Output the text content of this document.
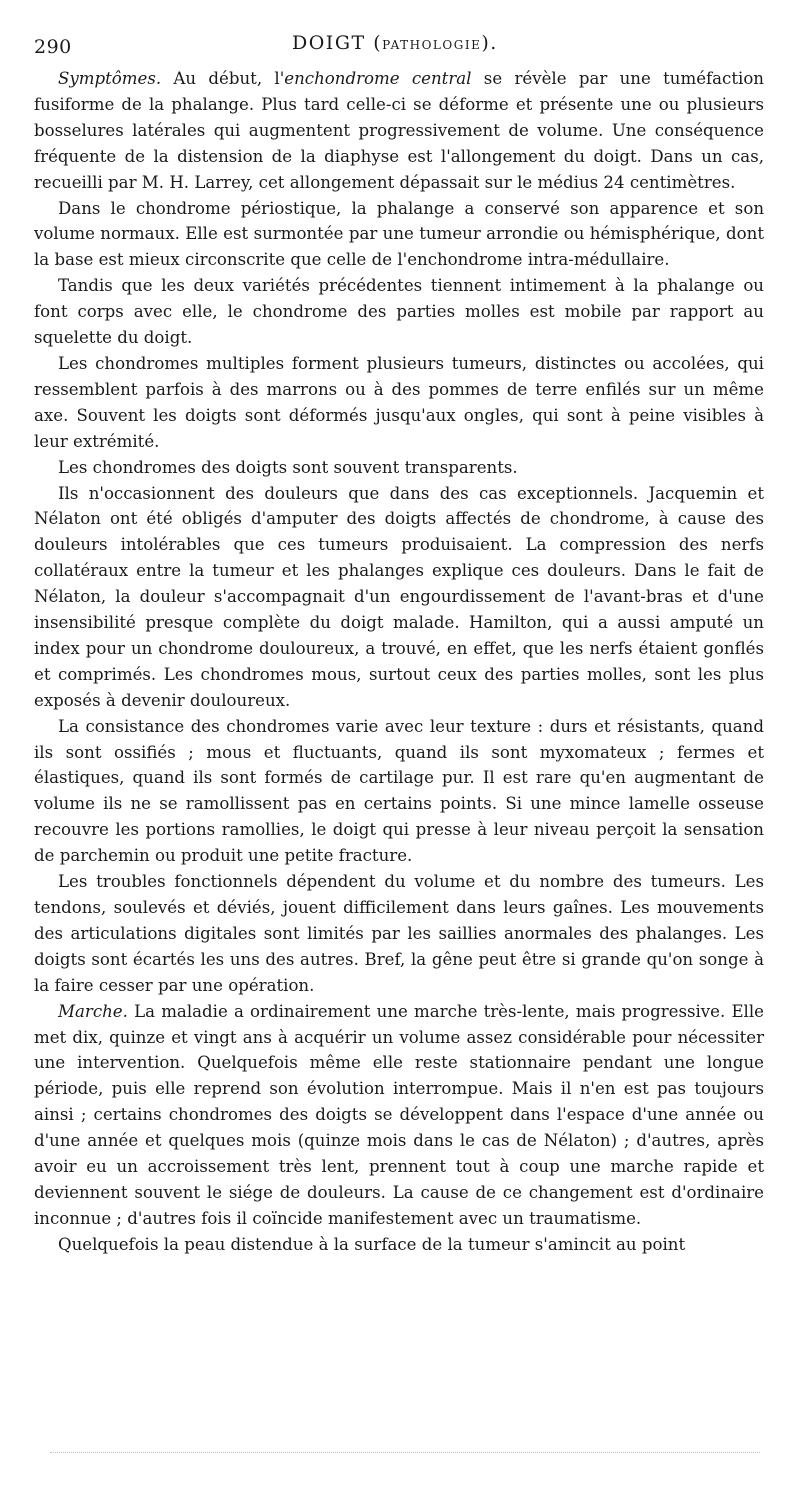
290	DOIGT (PATHOLOGIE).

Symptômes. Au début, l'enchondrome central se révèle par une tuméfaction fusiforme de la phalange. Plus tard celle-ci se déforme et présente une ou plusieurs bosselures latérales qui augmentent progressivement de volume. Une conséquence fréquente de la distension de la diaphyse est l'allongement du doigt. Dans un cas, recueilli par M. H. Larrey, cet allongement dépassait sur le médius 24 centimètres.

Dans le chondrome périostique, la phalange a conservé son apparence et son volume normaux. Elle est surmontée par une tumeur arrondie ou hémisphérique, dont la base est mieux circonscrite que celle de l'enchondrome intra-médullaire.

Tandis que les deux variétés précédentes tiennent intimement à la phalange ou font corps avec elle, le chondrome des parties molles est mobile par rapport au squelette du doigt.

Les chondromes multiples forment plusieurs tumeurs, distinctes ou accolées, qui ressemblent parfois à des marrons ou à des pommes de terre enfilés sur un même axe. Souvent les doigts sont déformés jusqu'aux ongles, qui sont à peine visibles à leur extrémité.

Les chondromes des doigts sont souvent transparents.

Ils n'occasionnent des douleurs que dans des cas exceptionnels. Jacquemin et Nélaton ont été obligés d'amputer des doigts affectés de chondrome, à cause des douleurs intolérables que ces tumeurs produisaient. La compression des nerfs collatéraux entre la tumeur et les phalanges explique ces douleurs. Dans le fait de Nélaton, la douleur s'accompagnait d'un engourdissement de l'avant-bras et d'une insensibilité presque complète du doigt malade. Hamilton, qui a aussi amputé un index pour un chondrome douloureux, a trouvé, en effet, que les nerfs étaient gonflés et comprimés. Les chondromes mous, surtout ceux des parties molles, sont les plus exposés à devenir douloureux.

La consistance des chondromes varie avec leur texture : durs et résistants, quand ils sont ossifiés ; mous et fluctuants, quand ils sont myxomateux ; fermes et élastiques, quand ils sont formés de cartilage pur. Il est rare qu'en augmentant de volume ils ne se ramollissent pas en certains points. Si une mince lamelle osseuse recouvre les portions ramollies, le doigt qui presse à leur niveau perçoit la sensation de parchemin ou produit une petite fracture.

Les troubles fonctionnels dépendent du volume et du nombre des tumeurs. Les tendons, soulevés et déviés, jouent difficilement dans leurs gaînes. Les mouvements des articulations digitales sont limités par les saillies anormales des phalanges. Les doigts sont écartés les uns des autres. Bref, la gêne peut être si grande qu'on songe à la faire cesser par une opération.

Marche. La maladie a ordinairement une marche très-lente, mais progressive. Elle met dix, quinze et vingt ans à acquérir un volume assez considérable pour nécessiter une intervention. Quelquefois même elle reste stationnaire pendant une longue période, puis elle reprend son évolution interrompue. Mais il n'en est pas toujours ainsi ; certains chondromes des doigts se développent dans l'espace d'une année ou d'une année et quelques mois (quinze mois dans le cas de Nélaton) ; d'autres, après avoir eu un accroissement très lent, prennent tout à coup une marche rapide et deviennent souvent le siége de douleurs. La cause de ce changement est d'ordinaire inconnue ; d'autres fois il coïncide manifestement avec un traumatisme.

Quelquefois la peau distendue à la surface de la tumeur s'amincit au point
